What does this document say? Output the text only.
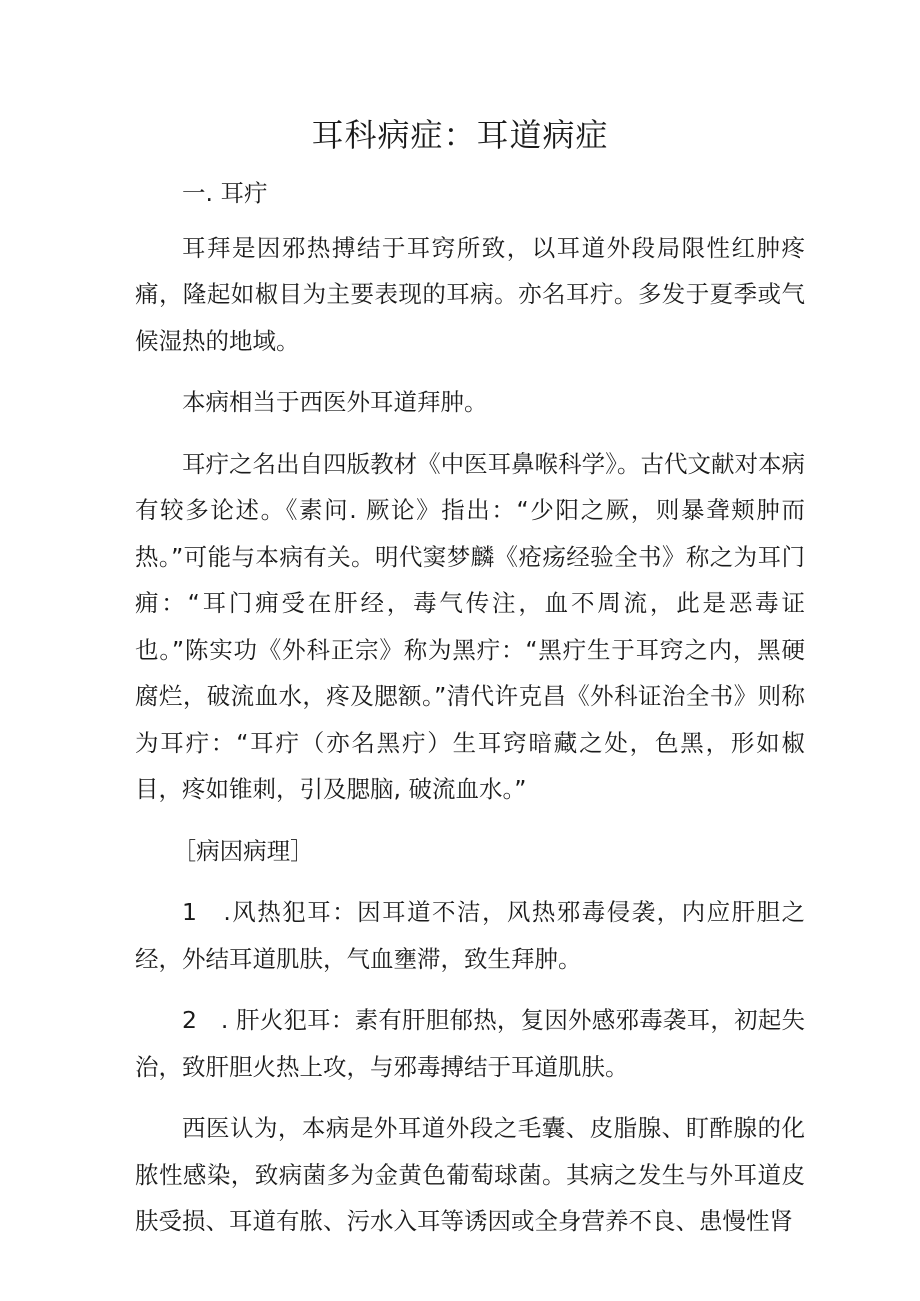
耳科病症：耳道病症

一. 耳疔

耳拜是因邪热搏结于耳窍所致，以耳道外段局限性红肿疼痛，隆起如椒目为主要表现的耳病。亦名耳疔。多发于夏季或气候湿热的地域。

本病相当于西医外耳道拜肿。

耳疔之名出自四版教材《中医耳鼻喉科学》。古代文献对本病有较多论述。《素问. 厥论》指出：“少阳之厥，则暴聋颊肿而热。”可能与本病有关。明代窦梦麟《疮疡经验全书》称之为耳门痈：“耳门痈受在肝经，毒气传注，血不周流，此是恶毒证也。”陈实功《外科正宗》称为黑疔：“黑疔生于耳窍之内，黑硬腐烂，破流血水，疼及腮额。”清代许克昌《外科证治全书》则称为耳疔：“耳疔（亦名黑疔）生耳窍暗藏之处，色黑，形如椒目，疼如锥刺，引及腮脑, 破流血水。”

［病因病理］

1　.风热犯耳：因耳道不洁，风热邪毒侵袭，内应肝胆之经，外结耳道肌肤，气血壅滞，致生拜肿。

2　. 肝火犯耳：素有肝胆郁热，复因外感邪毒袭耳，初起失治，致肝胆火热上攻，与邪毒搏结于耳道肌肤。

西医认为，本病是外耳道外段之毛囊、皮脂腺、盯酢腺的化脓性感染，致病菌多为金黄色葡萄球菌。其病之发生与外耳道皮肤受损、耳道有脓、污水入耳等诱因或全身营养不良、患慢性肾
